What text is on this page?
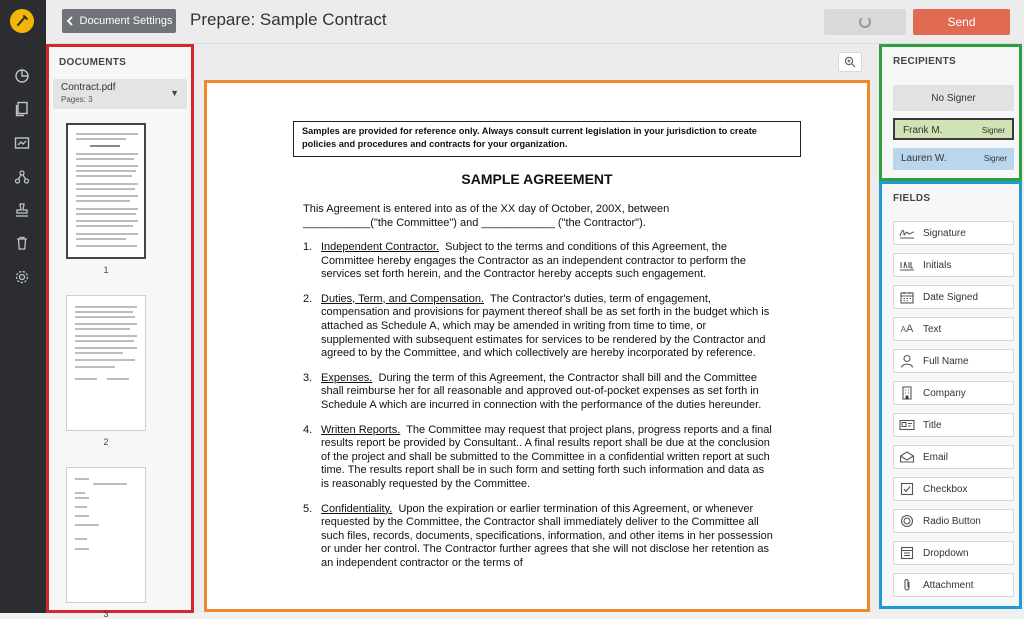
Document Settings Prepare: Sample Contract	Send
DOCUMENTS
Contract.pdf
Pages: 3
▼
1
2
3
Samples are provided for reference only. Always consult current legislation in your jurisdiction to create policies and procedures and contracts for your organization.
SAMPLE AGREEMENT
This Agreement is entered into as of the XX day of October, 200X, between
___________("the Committee") and ____________ ("the Contractor").
1. Independent Contractor. Subject to the terms and conditions of this Agreement, the Committee hereby engages the Contractor as an independent contractor to perform the services set forth herein, and the Contractor hereby accepts such engagement.
2. Duties, Term, and Compensation. The Contractor's duties, term of engagement, compensation and provisions for payment thereof shall be as set forth in the budget which is attached as Schedule A, which may be amended in writing from time to time, or supplemented with subsequent estimates for services to be rendered by the Contractor and agreed to by the Committee, and which collectively are hereby incorporated by reference.
3. Expenses. During the term of this Agreement, the Contractor shall bill and the Committee shall reimburse her for all reasonable and approved out-of-pocket expenses as set forth in Schedule A which are incurred in connection with the performance of the duties hereunder.
4. Written Reports. The Committee may request that project plans, progress reports and a final results report be provided by Consultant.. A final results report shall be due at the conclusion of the project and shall be submitted to the Committee in a confidential written report at such time. The results report shall be in such form and setting forth such information and data as is reasonably requested by the Committee.
5. Confidentiality. Upon the expiration or earlier termination of this Agreement, or whenever requested by the Committee, the Contractor shall immediately deliver to the Committee all such files, records, documents, specifications, information, and other items in her possession or under her control. The Contractor further agrees that she will not disclose her retention as an independent contractor or the terms of
RECIPIENTS
No Signer
Frank M.	Signer
Lauren W.	Signer
FIELDS
Signature
Initials
Date Signed
A A Text
Full Name
Company
Title
Email
Checkbox
Radio Button
Dropdown
Attachment
